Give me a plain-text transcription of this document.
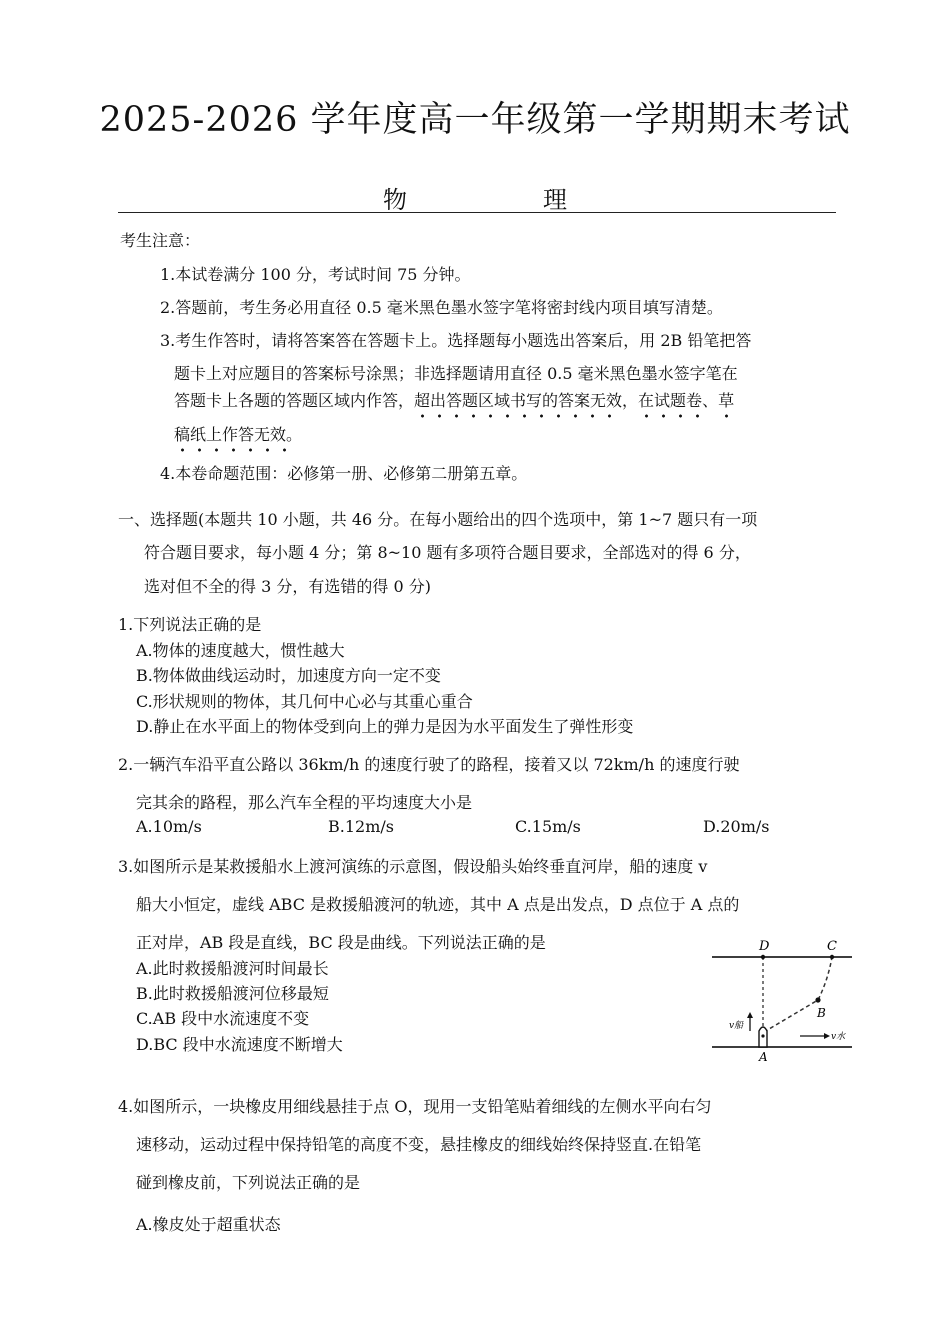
2025-2026 学年度高一年级第一学期期末考试
物	理
考生注意：
1.本试卷满分 100 分，考试时间 75 分钟。
2.答题前，考生务必用直径 0.5 毫米黑色墨水签字笔将密封线内项目填写清楚。
3.考生作答时，请将答案答在答题卡上。选择题每小题选出答案后，用 2B 铅笔把答
题卡上对应题目的答案标号涂黑；非选择题请用直径 0.5 毫米黑色墨水签字笔在
答题卡上各题的答题区域内作答，超出答题区域书写的答案无效，在试题卷、草
稿纸上作答无效。
4.本卷命题范围：必修第一册、必修第二册第五章。
一、选择题(本题共 10 小题，共 46 分。在每小题给出的四个选项中，第 1~7 题只有一项
符合题目要求，每小题 4 分；第 8~10 题有多项符合题目要求，全部选对的得 6 分，
选对但不全的得 3 分，有选错的得 0 分)
1.下列说法正确的是
A.物体的速度越大，惯性越大
B.物体做曲线运动时，加速度方向一定不变
C.形状规则的物体，其几何中心必与其重心重合
D.静止在水平面上的物体受到向上的弹力是因为水平面发生了弹性形变
2.一辆汽车沿平直公路以 36km/h 的速度行驶了的路程，接着又以 72km/h 的速度行驶
完其余的路程，那么汽车全程的平均速度大小是
A.10m/s	B.12m/s	C.15m/s	D.20m/s
3.如图所示是某救援船水上渡河演练的示意图，假设船头始终垂直河岸，船的速度 v
船大小恒定，虚线 ABC 是救援船渡河的轨迹，其中 A 点是出发点，D 点位于 A 点的
正对岸，AB 段是直线，BC 段是曲线。下列说法正确的是
A.此时救援船渡河时间最长
B.此时救援船渡河位移最短
C.AB 段中水流速度不变
D.BC 段中水流速度不断增大
D	C
B
A
v船
v水
4.如图所示，一块橡皮用细线悬挂于点 O，现用一支铅笔贴着细线的左侧水平向右匀
速移动，运动过程中保持铅笔的高度不变，悬挂橡皮的细线始终保持竖直.在铅笔
碰到橡皮前，下列说法正确的是
A.橡皮处于超重状态
